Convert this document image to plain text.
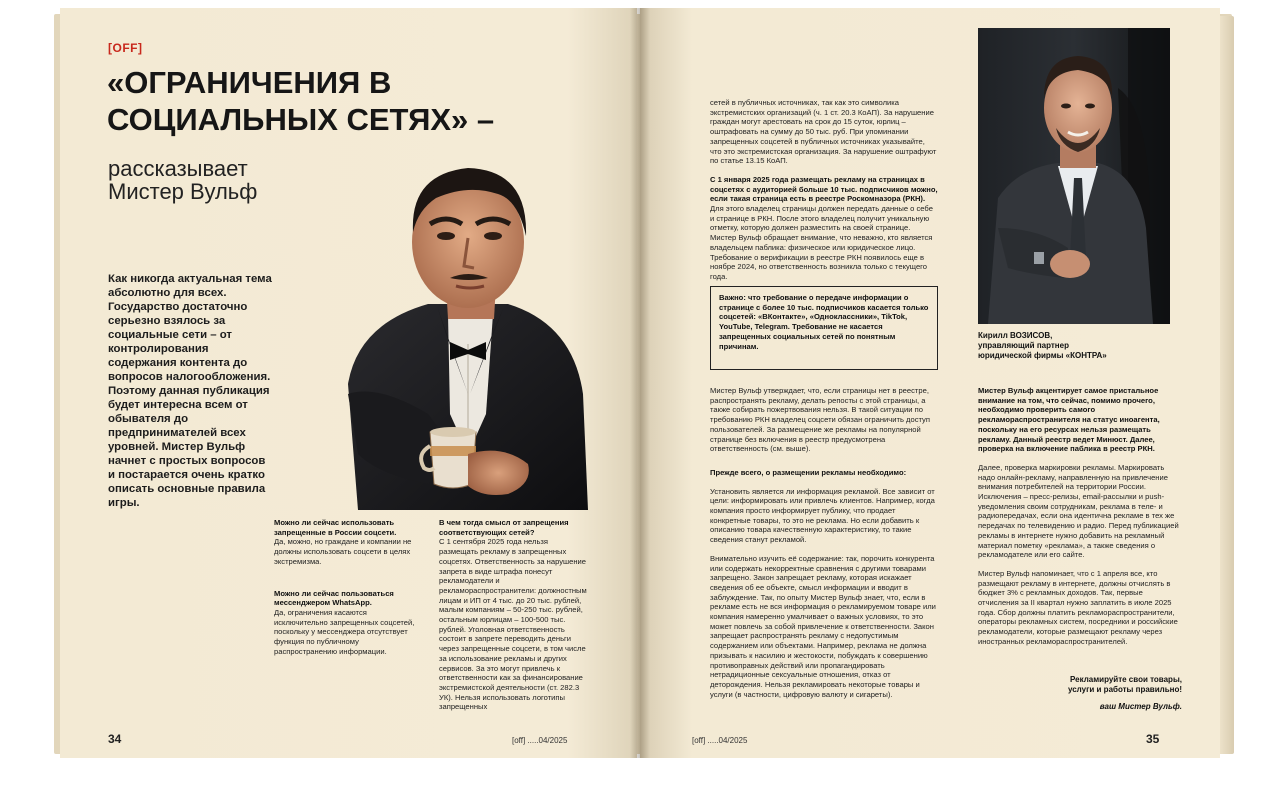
[OFF]
«ОГРАНИЧЕНИЯ В СОЦИАЛЬНЫХ СЕТЯХ» –
рассказывает
Мистер Вульф
Как никогда актуальная тема абсолютно для всех. Государство достаточно серьезно взялось за социальные сети – от контролирования содержания контента до вопросов налогообложения. Поэтому данная публикация будет интересна всем от обывателя до предпринимателей всех уровней. Мистер Вульф начнет с простых вопросов и постарается очень кратко описать основные правила игры.

Можно ли сейчас использовать запрещенные в России соцсети.
Да, можно, но граждане и компании не должны использовать соцсети в целях экстремизма.

Можно ли сейчас пользоваться мессенджером WhatsApp.
Да, ограничения касаются исключительно запрещенных соцсетей, поскольку у мессенджера отсутствует функция по публичному распространению информации.

В чем тогда смысл от запрещения соответствующих сетей?
С 1 сентября 2025 года нельзя размещать рекламу в запрещенных соцсетях. Ответственность за нарушение запрета в виде штрафа понесут рекламодатели и рекламораспространители: должностным лицам и ИП от 4 тыс. до 20 тыс. рублей, малым компаниям – 50-250 тыс. рублей, остальным юрлицам – 100-500 тыс. рублей. Уголовная ответственность состоит в запрете переводить деньги через запрещенные соцсети, в том числе за использование рекламы и других сервисов. За это могут привлечь к ответственности как за финансирование экстремистской деятельности (ст. 282.3 УК). Нельзя использовать логотипы запрещенных

34	[off] .....04/2025

сетей в публичных источниках, так как это символика экстремистских организаций (ч. 1 ст. 20.3 КоАП). За нарушение граждан могут арестовать на срок до 15 суток, юрлиц – оштрафовать на сумму до 50 тыс. руб. При упоминании запрещенных соцсетей в публичных источниках указывайте, что это экстремистская организация. За нарушение оштрафуют по статье 13.15 КоАП.

С 1 января 2025 года размещать рекламу на страницах в соцсетях с аудиторией больше 10 тыс. подписчиков можно, если такая страница есть в реестре Роскомназора (РКН). Для этого владелец страницы должен передать данные о себе и странице в РКН. После этого владелец получит уникальную отметку, которую должен разместить на своей странице. Мистер Вульф обращает внимание, что неважно, кто является владельцем паблика: физическое или юридическое лицо. Требование о верификации в реестре РКН появилось еще в ноябре 2024, но ответственность возникла только с текущего года.

Важно: что требование о передаче информации о странице с более 10 тыс. подписчиков касается только соцсетей: «ВКонтакте», «Одноклассники», TikTok, YouTube, Telegram. Требование не касается запрещенных социальных сетей по понятным причинам.

Мистер Вульф утверждает, что, если страницы нет в реестре, распространять рекламу, делать репосты с этой страницы, а также собирать пожертвования нельзя. В такой ситуации по требованию РКН владелец соцсети обязан ограничить доступ пользователей. За размещение же рекламы на популярной странице без включения в реестр предусмотрена ответственность (см. выше).

Прежде всего, о размещении рекламы необходимо:

Установить является ли информация рекламой. Все зависит от цели: информировать или привлечь клиентов. Например, когда компания просто информирует публику, что продает конкретные товары, то это не реклама. Но если добавить к описанию товара качественную характеристику, то такие сведения станут рекламой.

Внимательно изучить её содержание: так, порочить конкурента или содержать некорректные сравнения с другими товарами запрещено. Закон запрещает рекламу, которая искажает сведения об ее объекте, смысл информации и вводит в заблуждение. Так, по опыту Мистер Вульф знает, что, если в рекламе есть не вся информация о рекламируемом товаре или компания намеренно умалчивает о важных условиях, то это может повлечь за собой привлечение к ответственности. Закон запрещает распространять рекламу с недопустимым содержанием или объектами. Например, реклама не должна призывать к насилию и жестокости, побуждать к совершению противоправных действий или пропагандировать нетрадиционные сексуальные отношения, отказ от деторождения. Нельзя рекламировать некоторые товары и услуги (в частности, цифровую валюту и сигареты).

Кирилл ВОЗИСОВ,
управляющий партнер
юридической фирмы «КОНТРА»

Мистер Вульф акцентирует самое пристальное внимание на том, что сейчас, помимо прочего, необходимо проверить самого рекламораспространителя на статус иноагента, поскольку на его ресурсах нельзя размещать рекламу. Данный реестр ведет Минюст. Далее, проверка на включение паблика в реестр РКН.

Далее, проверка маркировки рекламы. Маркировать надо онлайн-рекламу, направленную на привлечение внимания потребителей на территории России. Исключения – пресс-релизы, email-рассылки и push-уведомления своим сотрудникам, реклама в теле- и радиопередачах, если она идентична рекламе в тех же передачах по телевидению и радио. Перед публикацией рекламы в интернете нужно добавить на рекламный материал пометку «реклама», а также сведения о рекламодателе или его сайте.

Мистер Вульф напоминает, что с 1 апреля все, кто размещают рекламу в интернете, должны отчислять в бюджет 3% с рекламных доходов. Так, первые отчисления за II квартал нужно заплатить в июле 2025 года. Сбор должны платить рекламораспространители, операторы рекламных систем, посредники и российские рекламодатели, которые размещают рекламу через иностранных рекламораспространителей.

Рекламируйте свои товары,
услуги и работы правильно!
ваш Мистер Вульф.
[off] .....04/2025	35
